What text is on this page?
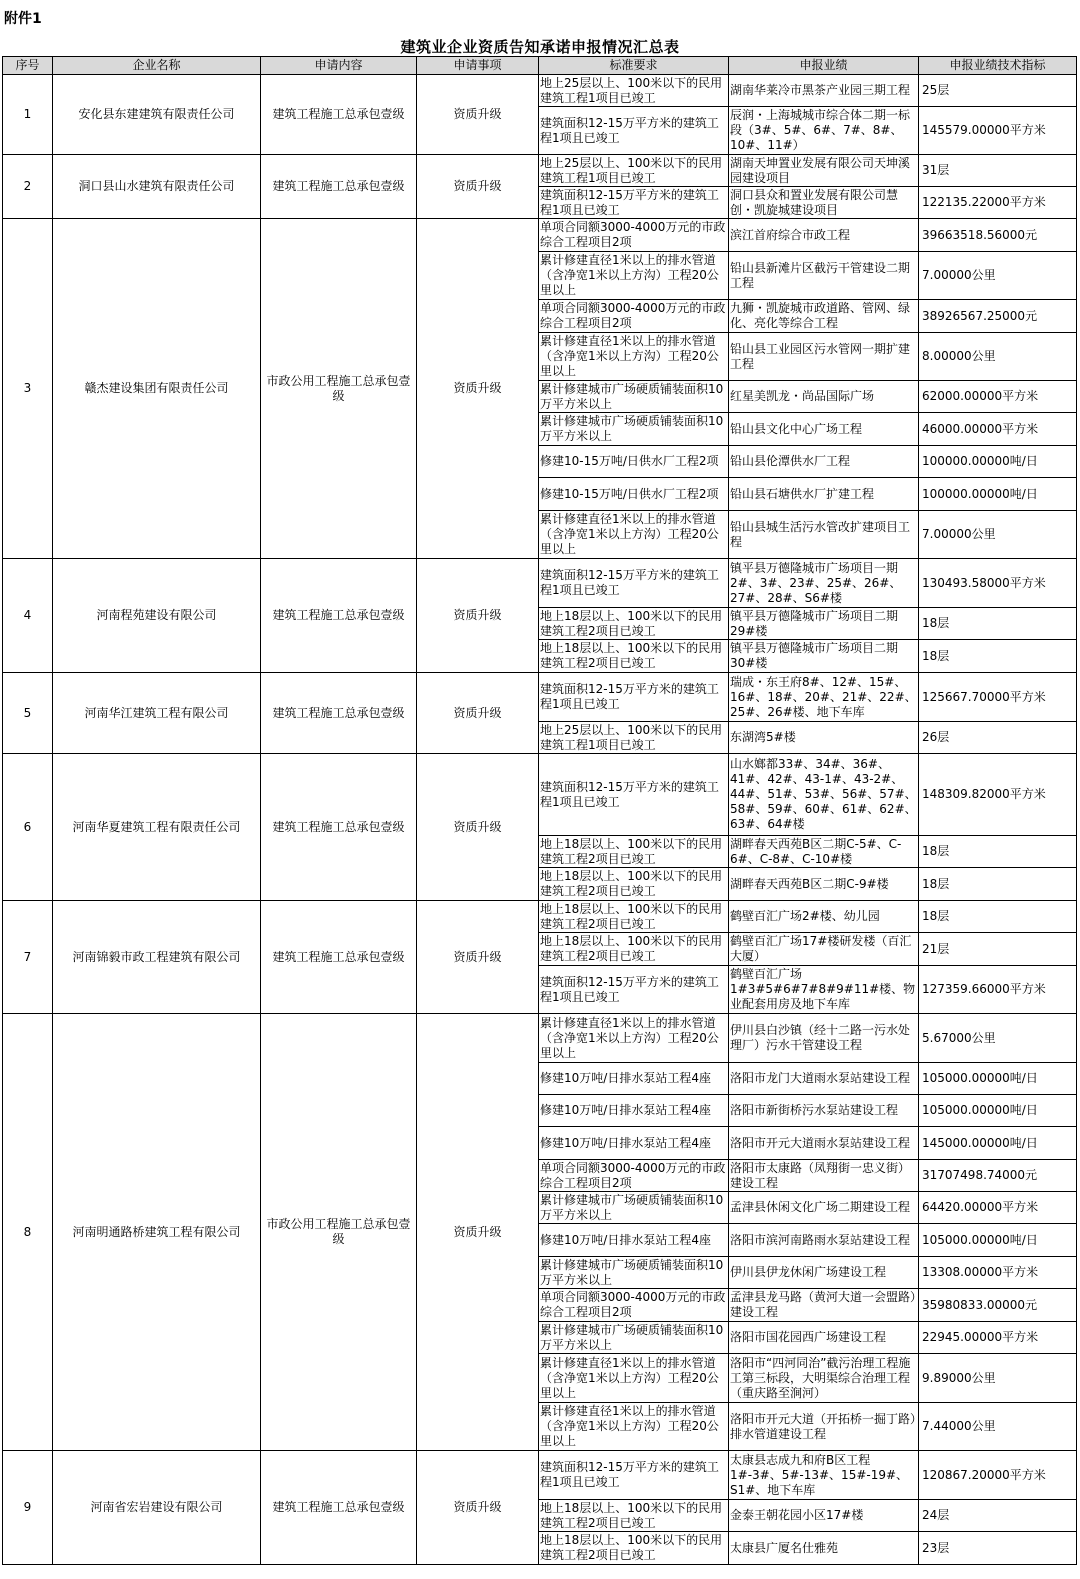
附件1
建筑业企业资质告知承诺申报情况汇总表
序号	企业名称	申请内容	申请事项	标准要求	申报业绩	申报业绩技术指标
1	安化县东建建筑有限责任公司	建筑工程施工总承包壹级	资质升级	地上25层以上、100米以下的民用建筑工程1项目已竣工	湖南华莱冷市黑茶产业园三期工程	25层
				建筑面积12-15万平方米的建筑工程1项且已竣工	辰润・上海城城市综合体二期一标段（3#、5#、6#、7#、8#、10#、11#）	145579.00000平方米
2	洞口县山水建筑有限责任公司	建筑工程施工总承包壹级	资质升级	地上25层以上、100米以下的民用建筑工程1项目已竣工	湖南天坤置业发展有限公司天坤溪园建设项目	31层
				建筑面积12-15万平方米的建筑工程1项且已竣工	洞口县众和置业发展有限公司慧创・凯旋城建设项目	122135.22000平方米
3	赣杰建设集团有限责任公司	市政公用工程施工总承包壹级	资质升级	单项合同额3000-4000万元的市政综合工程项目2项	滨江首府综合市政工程	39663518.56000元
				累计修建直径1米以上的排水管道（含净宽1米以上方沟）工程20公里以上	铅山县新滩片区截污干管建设二期工程	7.00000公里
				单项合同额3000-4000万元的市政综合工程项目2项	九狮・凯旋城市政道路、管网、绿化、亮化等综合工程	38926567.25000元
				累计修建直径1米以上的排水管道（含净宽1米以上方沟）工程20公里以上	铅山县工业园区污水管网一期扩建工程	8.00000公里
				累计修建城市广场硬质铺装面积10万平方米以上	红星美凯龙・尚品国际广场	62000.00000平方米
				累计修建城市广场硬质铺装面积10万平方米以上	铅山县文化中心广场工程	46000.00000平方米
				修建10-15万吨/日供水厂工程2项	铅山县伦潭供水厂工程	100000.00000吨/日
				修建10-15万吨/日供水厂工程2项	铅山县石塘供水厂扩建工程	100000.00000吨/日
				累计修建直径1米以上的排水管道（含净宽1米以上方沟）工程20公里以上	铅山县城生活污水管改扩建项目工程	7.00000公里
4	河南程苑建设有限公司	建筑工程施工总承包壹级	资质升级	建筑面积12-15万平方米的建筑工程1项且已竣工	镇平县万德隆城市广场项目一期2#、3#、23#、25#、26#、27#、28#、S6#楼	130493.58000平方米
				地上18层以上、100米以下的民用建筑工程2项目已竣工	镇平县万德隆城市广场项目二期29#楼	18层
				地上18层以上、100米以下的民用建筑工程2项目已竣工	镇平县万德隆城市广场项目二期30#楼	18层
5	河南华江建筑工程有限公司	建筑工程施工总承包壹级	资质升级	建筑面积12-15万平方米的建筑工程1项且已竣工	瑞成・东王府8#、12#、15#、16#、18#、20#、21#、22#、25#、26#楼、地下车库	125667.70000平方米
				地上25层以上、100米以下的民用建筑工程1项目已竣工	东湖湾5#楼	26层
6	河南华夏建筑工程有限责任公司	建筑工程施工总承包壹级	资质升级	建筑面积12-15万平方米的建筑工程1项且已竣工	山水嫏都33#、34#、36#、41#、42#、43-1#、43-2#、44#、51#、53#、56#、57#、58#、59#、60#、61#、62#、63#、64#楼	148309.82000平方米
				地上18层以上、100米以下的民用建筑工程2项目已竣工	湖畔春天西苑B区二期C-5#、C-6#、C-8#、C-10#楼	18层
				地上18层以上、100米以下的民用建筑工程2项目已竣工	湖畔春天西苑B区二期C-9#楼	18层
7	河南锦毅市政工程建筑有限公司	建筑工程施工总承包壹级	资质升级	地上18层以上、100米以下的民用建筑工程2项目已竣工	鹤壁百汇广场2#楼、幼儿园	18层
				地上18层以上、100米以下的民用建筑工程2项目已竣工	鹤壁百汇广场17#楼研发楼（百汇大厦）	21层
				建筑面积12-15万平方米的建筑工程1项且已竣工	鹤壁百汇广场1#3#5#6#7#8#9#11#楼、物业配套用房及地下车库	127359.66000平方米
8	河南明通路桥建筑工程有限公司	市政公用工程施工总承包壹级	资质升级	累计修建直径1米以上的排水管道（含净宽1米以上方沟）工程20公里以上	伊川县白沙镇（经十二路一污水处理厂）污水干管建设工程	5.67000公里
				修建10万吨/日排水泵站工程4座	洛阳市龙门大道雨水泵站建设工程	105000.00000吨/日
				修建10万吨/日排水泵站工程4座	洛阳市新街桥污水泵站建设工程	105000.00000吨/日
				修建10万吨/日排水泵站工程4座	洛阳市开元大道雨水泵站建设工程	145000.00000吨/日
				单项合同额3000-4000万元的市政综合工程项目2项	洛阳市太康路（凤翔街一忠义街）建设工程	31707498.74000元
				累计修建城市广场硬质铺装面积10万平方米以上	孟津县休闲文化广场二期建设工程	64420.00000平方米
				修建10万吨/日排水泵站工程4座	洛阳市滨河南路雨水泵站建设工程	105000.00000吨/日
				累计修建城市广场硬质铺装面积10万平方米以上	伊川县伊龙休闲广场建设工程	13308.00000平方米
				单项合同额3000-4000万元的市政综合工程项目2项	孟津县龙马路（黄河大道一会盟路）建设工程	35980833.00000元
				累计修建城市广场硬质铺装面积10万平方米以上	洛阳市国花园西广场建设工程	22945.00000平方米
				累计修建直径1米以上的排水管道（含净宽1米以上方沟）工程20公里以上	洛阳市“四河同治”截污治理工程施工第三标段，大明渠综合治理工程（重庆路至涧河）	9.89000公里
				累计修建直径1米以上的排水管道（含净宽1米以上方沟）工程20公里以上	洛阳市开元大道（开拓桥一掘丁路）排水管道建设工程	7.44000公里
9	河南省宏岩建设有限公司	建筑工程施工总承包壹级	资质升级	建筑面积12-15万平方米的建筑工程1项且已竣工	太康县志成九和府B区工程1#-3#、5#-13#、15#-19#、S1#、地下车库	120867.20000平方米
				地上18层以上、100米以下的民用建筑工程2项目已竣工	金泰王朝花园小区17#楼	24层
				地上18层以上、100米以下的民用建筑工程2项目已竣工	太康县广厦名仕雅苑	23层
